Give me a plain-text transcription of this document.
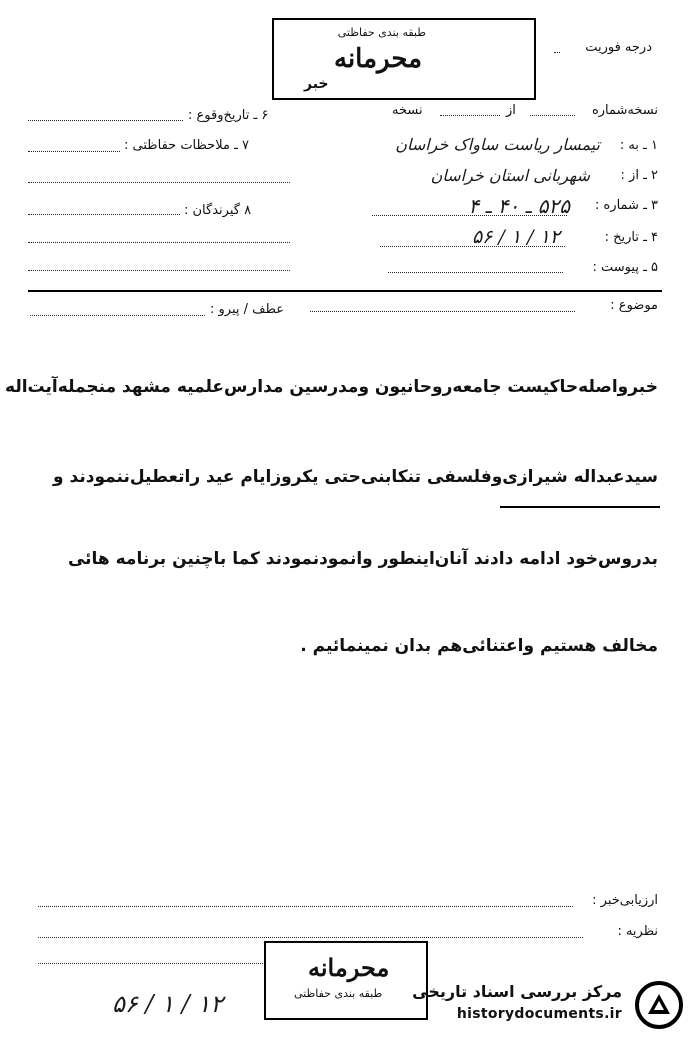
درجه فوریت
طبقه بندی حفاظتی
محرمانه
خبر
نسخه‌شماره
از
نسخه
۱ ـ به :
تیمسار ریاست ساواک خراسان
۲ ـ از :
شهربانی استان خراسان
۳ ـ شماره :
۵۲۵ ـ ۴۰ ـ ۴
۴ ـ تاریخ :
۱۲ / ۱ / ۵۶
۵ ـ پیوست :
۶ ـ تاریخ‌وقوع :
۷ ـ ملاحظات حفاظتی :
۸ گیرندگان :
موضوع :
عطف / پیرو :
خبرواصله‌حاکیست جامعه‌روحانیون ومدرسین مدارس‌علمیه مشهد منجمله‌آیت‌اله
سیدعبداله شیرازی‌وفلسفی تنکابنی‌حتی یکروزایام عید راتعطیل‌ننمودند و
بدروس‌خود ادامه دادند آنان‌اینطور وانمودنمودند کما باچنین برنامه هائی
مخالف هستیم واعتنائی‌هم بدان نمینمائیم .
ارزیابی‌خبر :
نظریه :
محرمانه
طبقه بندی حفاظتی
۱۲ / ۱ / ۵۶	مرکز بررسی اسناد تاریخی
historydocuments.ir
